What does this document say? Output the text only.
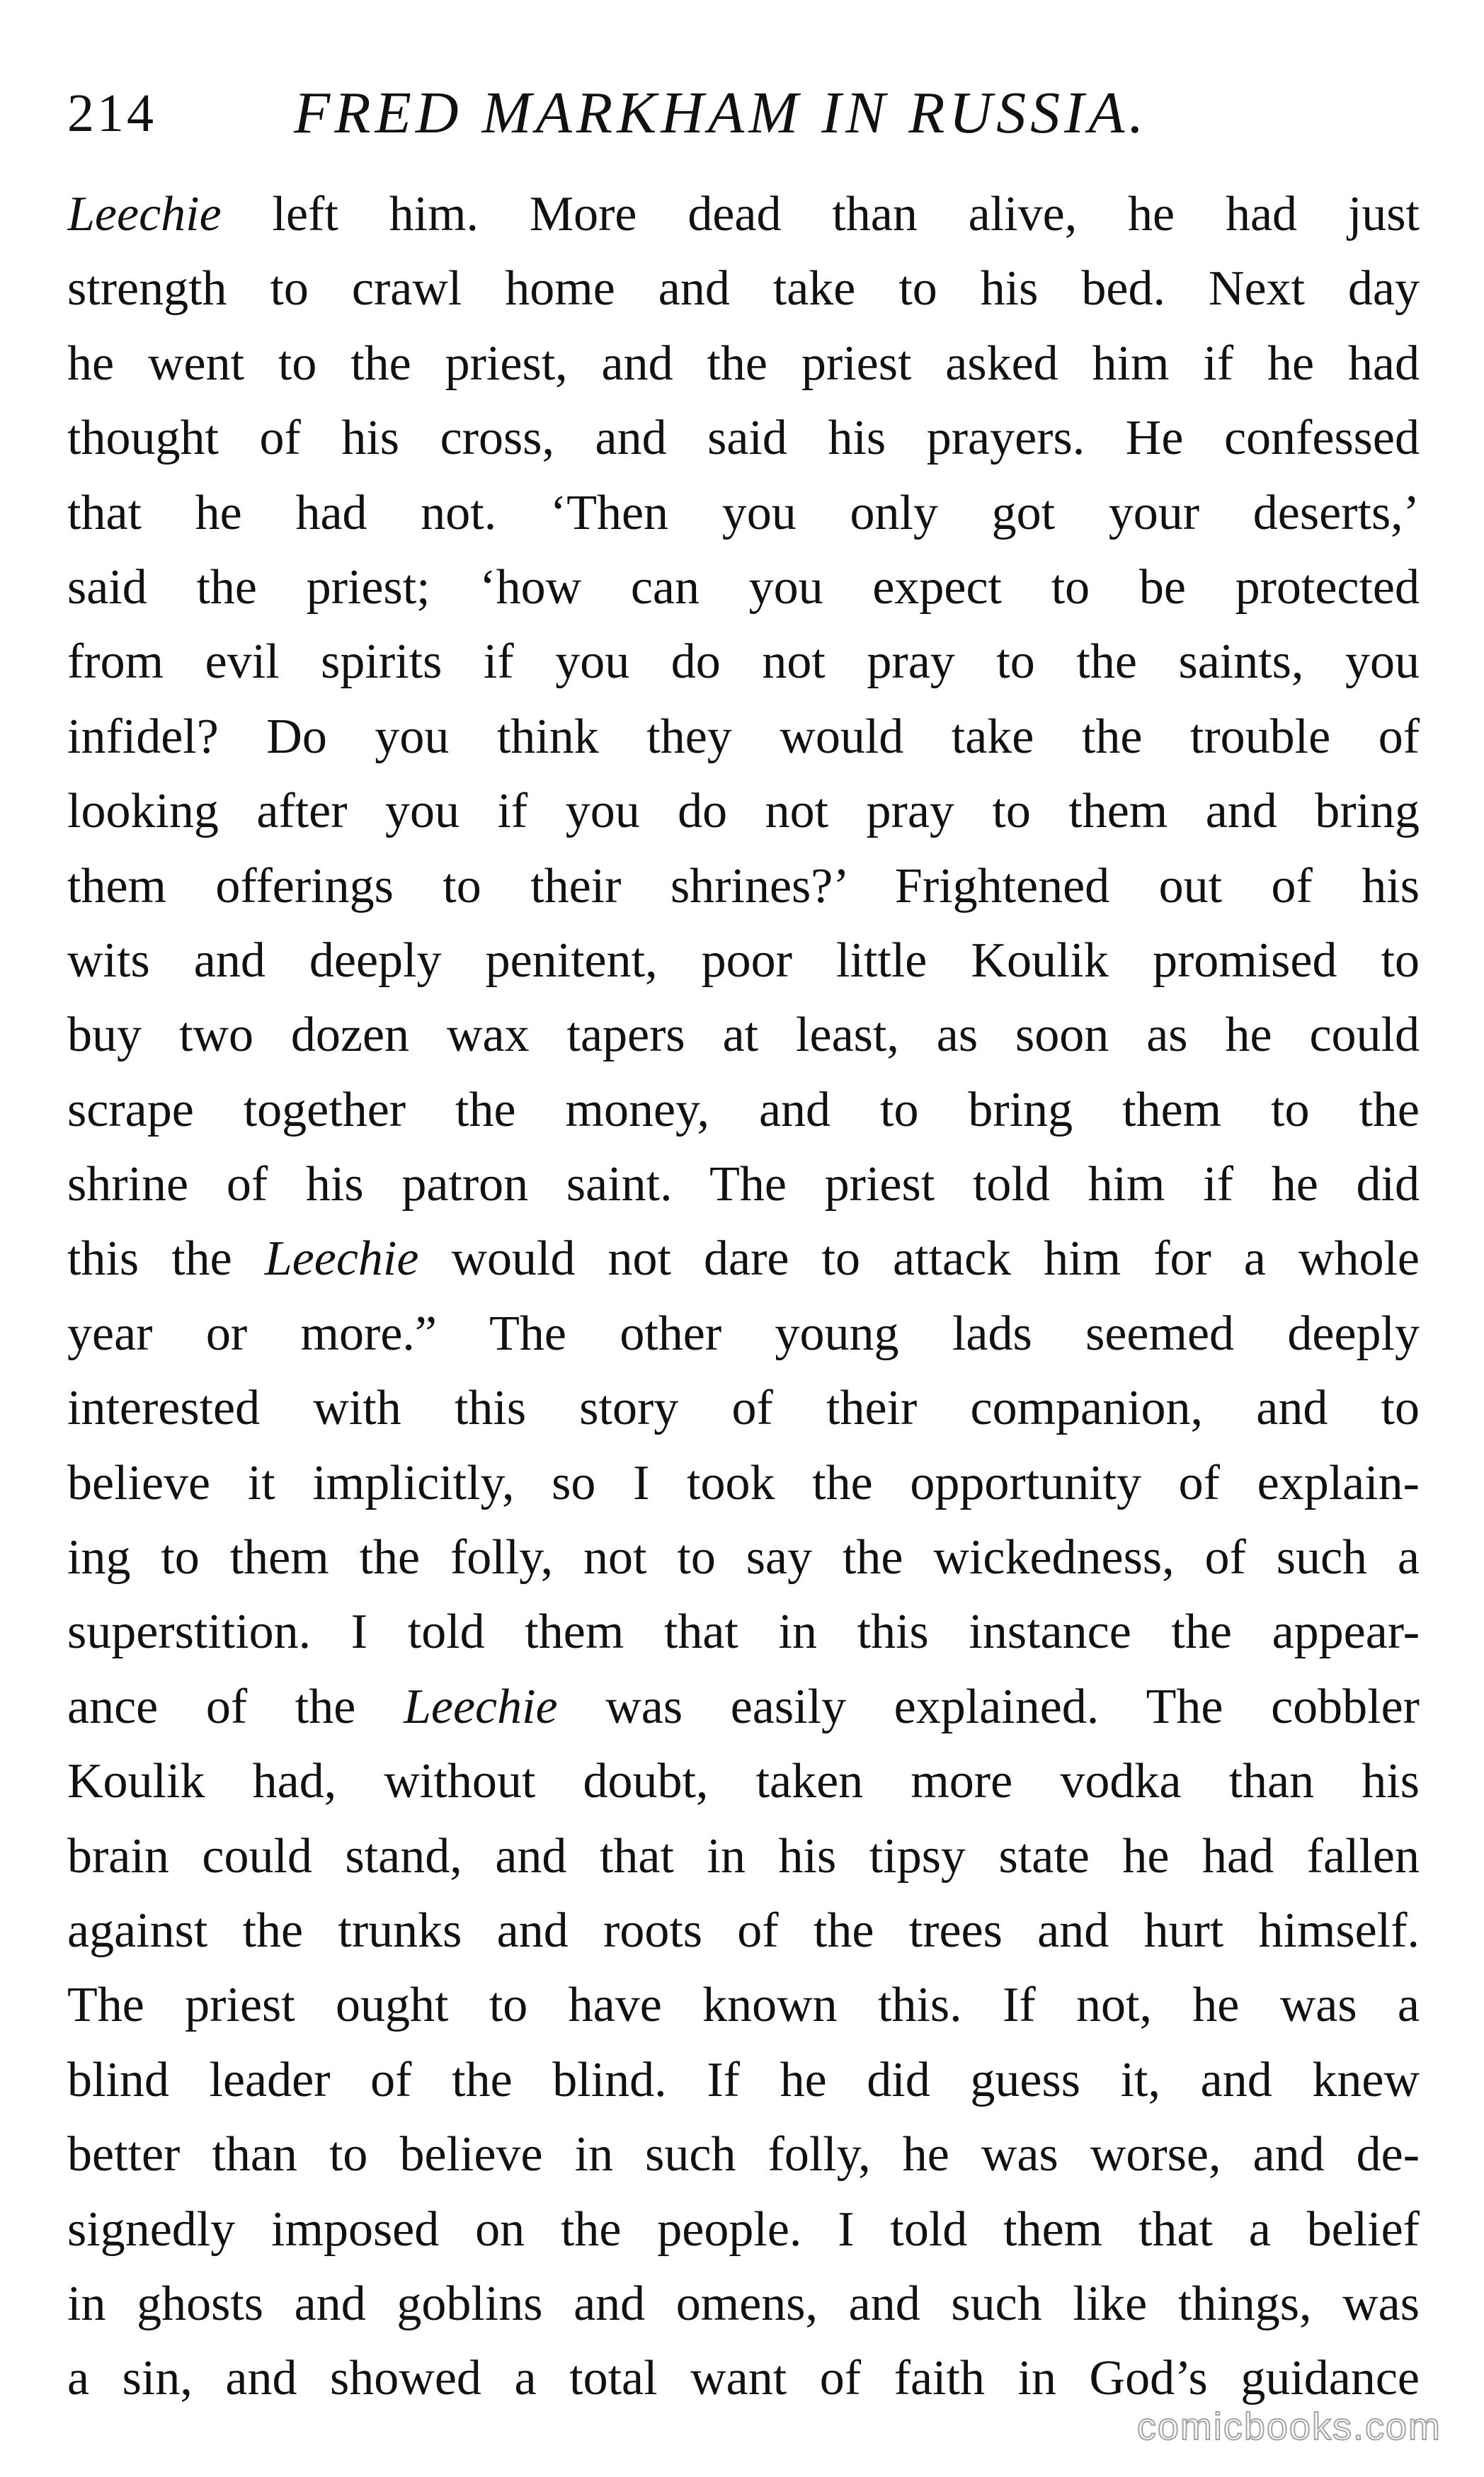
214 FRED MARKHAM IN RUSSIA.
Leechie left him. More dead than alive, he had just
strength to crawl home and take to his bed. Next day
he went to the priest, and the priest asked him if he had
thought of his cross, and said his prayers. He confessed
that he had not. ‘Then you only got your deserts,’
said the priest; ‘how can you expect to be protected
from evil spirits if you do not pray to the saints, you
infidel? Do you think they would take the trouble of
looking after you if you do not pray to them and bring
them offerings to their shrines?’ Frightened out of his
wits and deeply penitent, poor little Koulik promised to
buy two dozen wax tapers at least, as soon as he could
scrape together the money, and to bring them to the
shrine of his patron saint. The priest told him if he did
this the Leechie would not dare to attack him for a whole
year or more.” The other young lads seemed deeply
interested with this story of their companion, and to
believe it implicitly, so I took the opportunity of explain-
ing to them the folly, not to say the wickedness, of such a
superstition. I told them that in this instance the appear-
ance of the Leechie was easily explained. The cobbler
Koulik had, without doubt, taken more vodka than his
brain could stand, and that in his tipsy state he had fallen
against the trunks and roots of the trees and hurt himself.
The priest ought to have known this. If not, he was a
blind leader of the blind. If he did guess it, and knew
better than to believe in such folly, he was worse, and de-
signedly imposed on the people. I told them that a belief
in ghosts and goblins and omens, and such like things, was
a sin, and showed a total want of faith in God’s guidance
comicbooks.com
